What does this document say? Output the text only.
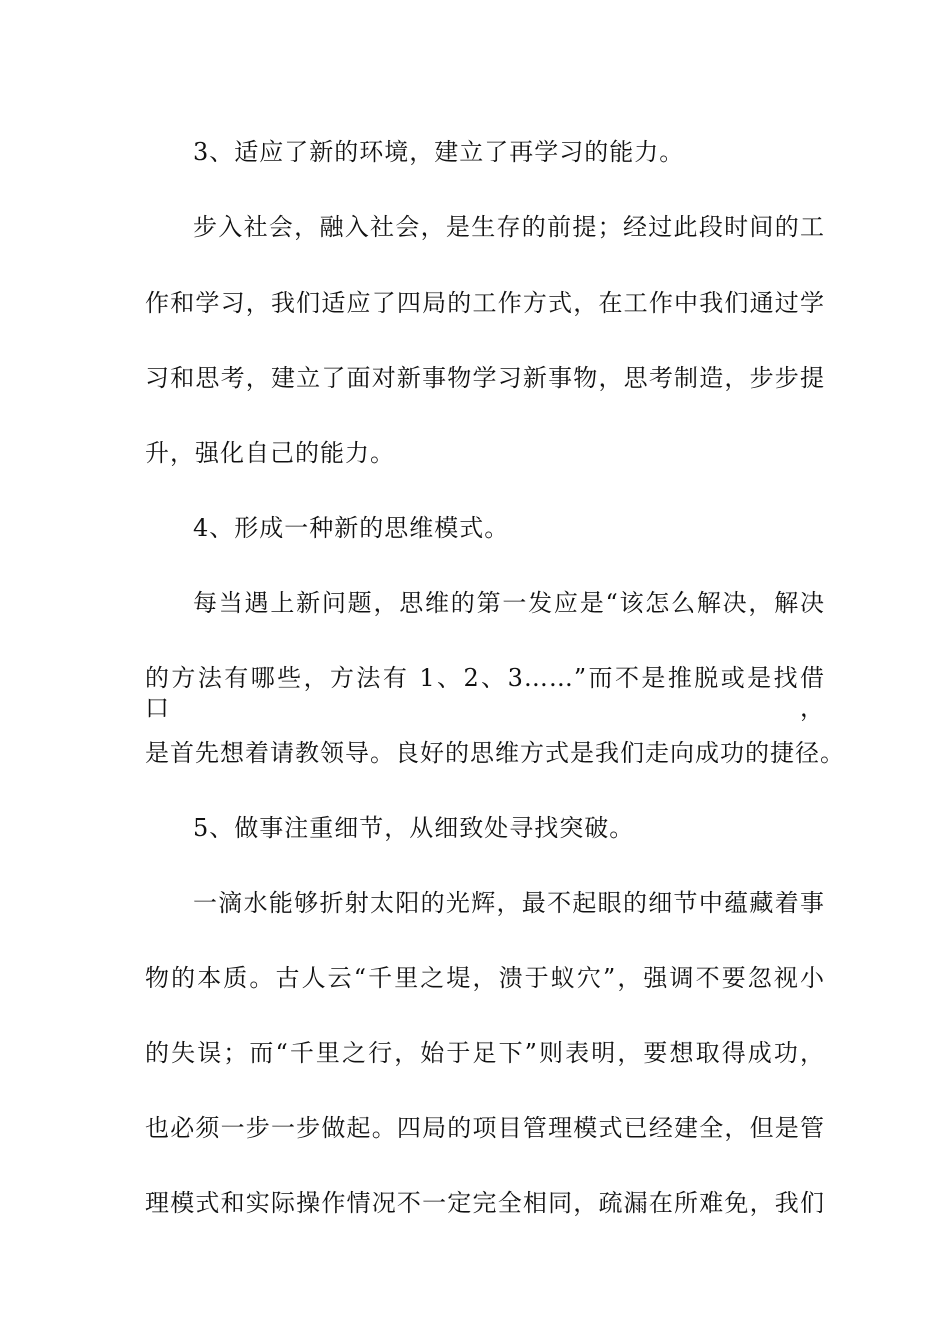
3、适应了新的环境，建立了再学习的能力。
步入社会，融入社会，是生存的前提；经过此段时间的工
作和学习，我们适应了四局的工作方式，在工作中我们通过学
习和思考，建立了面对新事物学习新事物，思考制造，步步提
升，强化自己的能力。
4、形成一种新的思维模式。
每当遇上新问题，思维的第一发应是“该怎么解决，解决
的方法有哪些，方法有 1、2、3……”而不是推脱或是找借口，
是首先想着请教领导。良好的思维方式是我们走向成功的捷径。
5、做事注重细节，从细致处寻找突破。
一滴水能够折射太阳的光辉，最不起眼的细节中蕴藏着事
物的本质。古人云“千里之堤，溃于蚁穴”，强调不要忽视小
的失误；而“千里之行，始于足下”则表明，要想取得成功，
也必须一步一步做起。四局的项目管理模式已经建全，但是管
理模式和实际操作情况不一定完全相同，疏漏在所难免，我们
